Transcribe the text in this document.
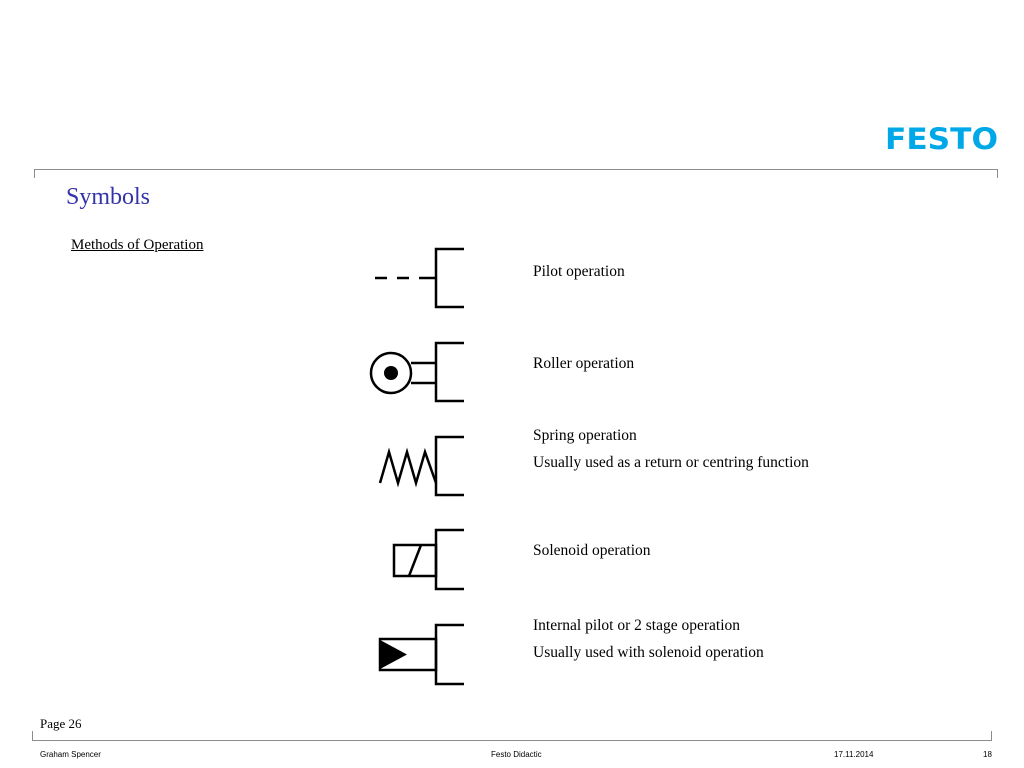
FESTO
Symbols
Methods of Operation
Pilot operation
Roller operation
Spring operation
Usually used as a return or centring function
Solenoid operation
Internal pilot or 2 stage operation
Usually used with solenoid operation
Page 26
Graham Spencer	Festo Didactic	17.11.2014	18
